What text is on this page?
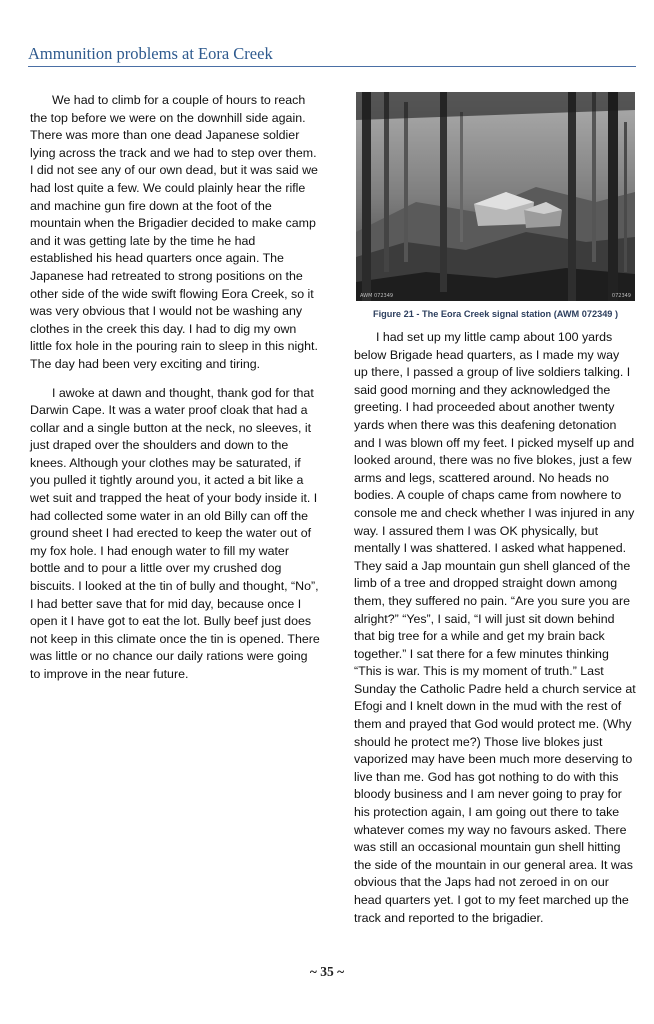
Ammunition problems at Eora Creek

We had to climb for a couple of hours to reach the top before we were on the downhill side again. There was more than one dead Japanese soldier lying across the track and we had to step over them. I did not see any of our own dead, but it was said we had lost quite a few. We could plainly hear the rifle and machine gun fire down at the foot of the mountain when the Brigadier decided to make camp and it was getting late by the time he had established his head quarters once again. The Japanese had retreated to strong positions on the other side of the wide swift flowing Eora Creek, so it was very obvious that I would not be washing any clothes in the creek this day. I had to dig my own little fox hole in the pouring rain to sleep in this night. The day had been very exciting and tiring.

I awoke at dawn and thought, thank god for that Darwin Cape. It was a water proof cloak that had a collar and a single button at the neck, no sleeves, it just draped over the shoulders and down to the knees. Although your clothes may be saturated, if you pulled it tightly around you, it acted a bit like a wet suit and trapped the heat of your body inside it. I had collected some water in an old Billy can off the ground sheet I had erected to keep the water out of my fox hole. I had enough water to fill my water bottle and to pour a little over my crushed dog biscuits. I looked at the tin of bully and thought, “No”, I had better save that for mid day, because once I open it I have got to eat the lot. Bully beef just does not keep in this climate once the tin is opened. There was little or no chance our daily rations were going to improve in the near future.

AWM 072349	072349
Figure 21 - The Eora Creek signal station (AWM 072349 )

I had set up my little camp about 100 yards below Brigade head quarters, as I made my way up there, I passed a group of live soldiers talking. I said good morning and they acknowledged the greeting. I had proceeded about another twenty yards when there was this deafening detonation and I was blown off my feet. I picked myself up and looked around, there was no five blokes, just a few arms and legs, scattered around. No heads no bodies. A couple of chaps came from nowhere to console me and check whether I was injured in any way. I assured them I was OK physically, but mentally I was shattered. I asked what happened. They said a Jap mountain gun shell glanced of the limb of a tree and dropped straight down among them, they suffered no pain. “Are you sure you are alright?” “Yes”, I said, “I will just sit down behind that big tree for a while and get my brain back together.” I sat there for a few minutes thinking “This is war. This is my moment of truth.” Last Sunday the Catholic Padre held a church service at Efogi and I knelt down in the mud with the rest of them and prayed that God would protect me. (Why should he protect me?) Those live blokes just vaporized may have been much more deserving to live than me. God has got nothing to do with this bloody business and I am never going to pray for his protection again, I am going out there to take whatever comes my way no favours asked. There was still an occasional mountain gun shell hitting the side of the mountain in our general area. It was obvious that the Japs had not zeroed in on our head quarters yet. I got to my feet marched up the track and reported to the brigadier.

~ 35 ~
